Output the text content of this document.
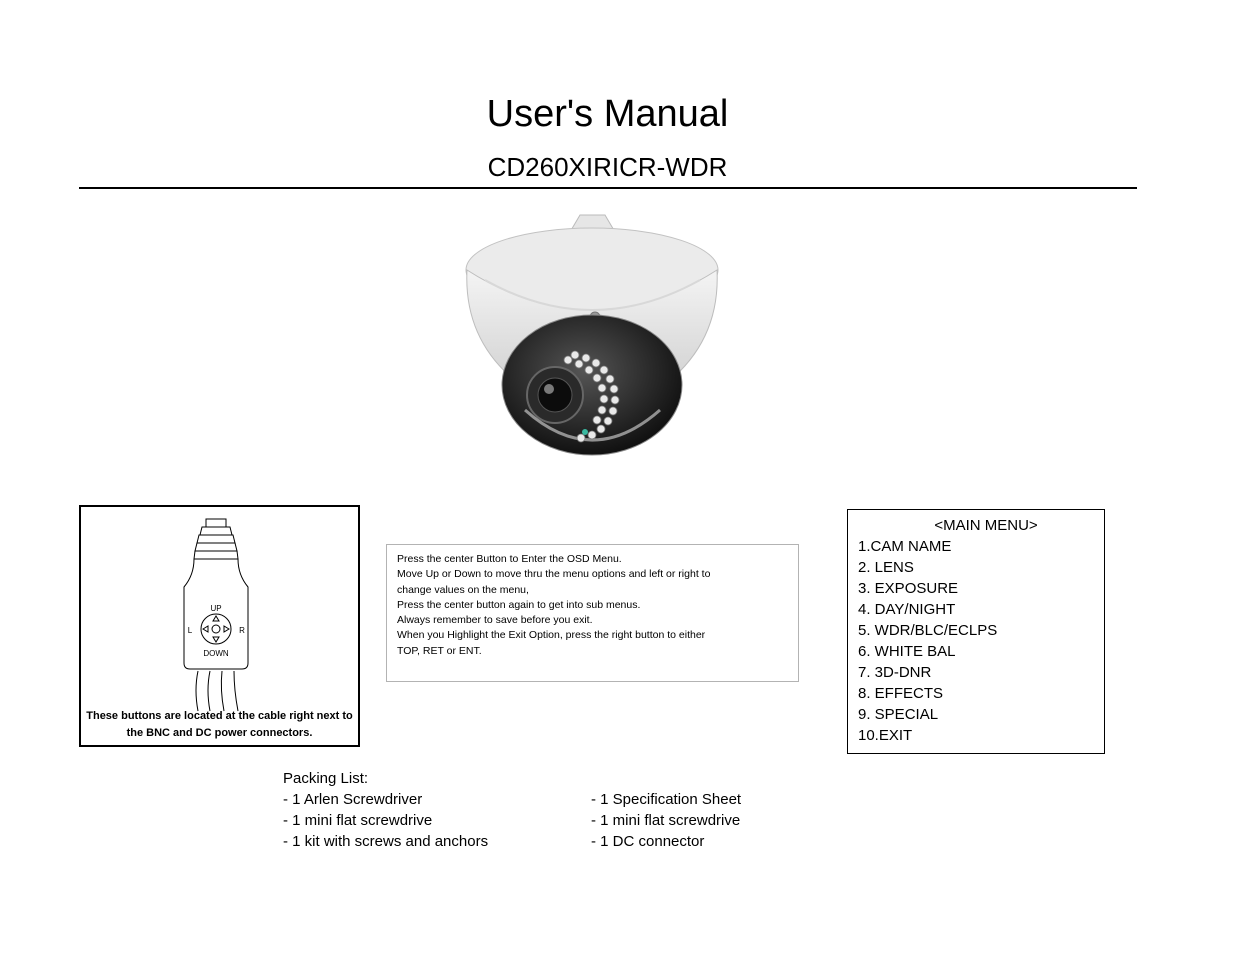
User's Manual
CD260XIRICR-WDR
UP
DOWN
L	R
These buttons are located at the cable right next to the BNC and DC power connectors.
Press the center Button to Enter the OSD Menu.
Move Up or Down to move thru the menu options and left or right to
change values on the menu,
Press the center button again to get into sub menus.
Always remember to save before you exit.
When you Highlight the Exit Option, press the right button to either
TOP, RET or ENT.
<MAIN MENU>
1.CAM NAME
2. LENS
3. EXPOSURE
4. DAY/NIGHT
5. WDR/BLC/ECLPS
6. WHITE BAL
7. 3D-DNR
8. EFFECTS
9. SPECIAL
10.EXIT
Packing List:
- 1 Arlen Screwdriver
- 1 mini flat screwdrive
- 1 kit with screws and anchors
- 1 Specification Sheet
- 1 mini flat screwdrive
- 1 DC connector
